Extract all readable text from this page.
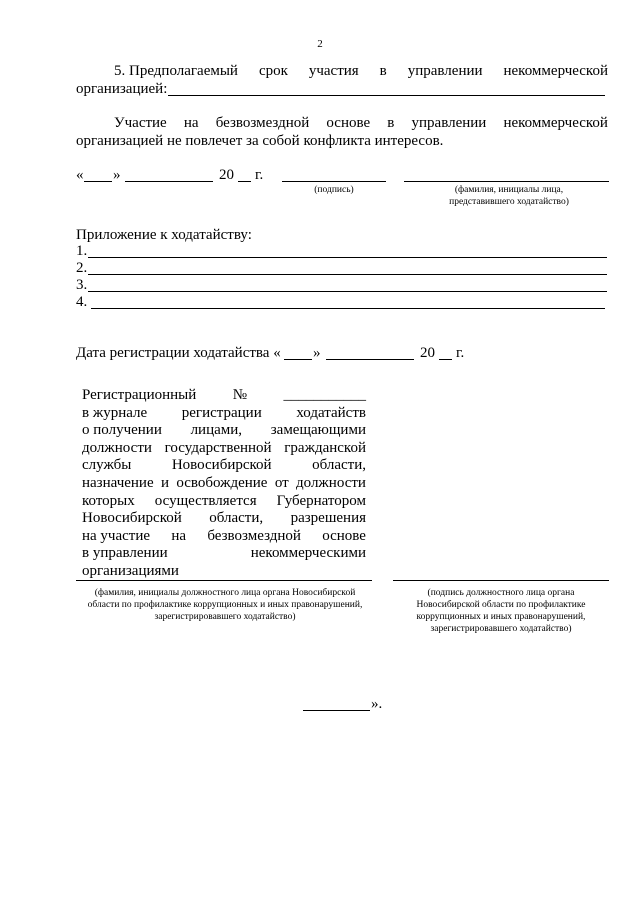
2
5. Предполагаемый срок участия в управлении некоммерческой
организацией:
Участие на безвозмездной основе в управлении некоммерческой
организацией не повлечет за собой конфликта интересов.
« »	20 г.
(подпись)	(фамилия, инициалы лица, представившего ходатайство)
Приложение к ходатайству:
1.
2.
3.
4.
Дата регистрации ходатайства « »	20 г.
Регистрационный № ___________
в журнале регистрации ходатайств
о получении лицами, замещающими
должности государственной гражданской
службы	Новосибирской	области,
назначение и освобождение от должности
которых осуществляется Губернатором
Новосибирской области, разрешения
на участие на безвозмездной основе
в управлении	некоммерческими
организациями
(фамилия, инициалы должностного лица органа Новосибирской области по профилактике коррупционных и иных правонарушений, зарегистрировавшего ходатайство)
(подпись должностного лица органа Новосибирской области по профилактике коррупционных и иных правонарушений, зарегистрировавшего ходатайство)
».
